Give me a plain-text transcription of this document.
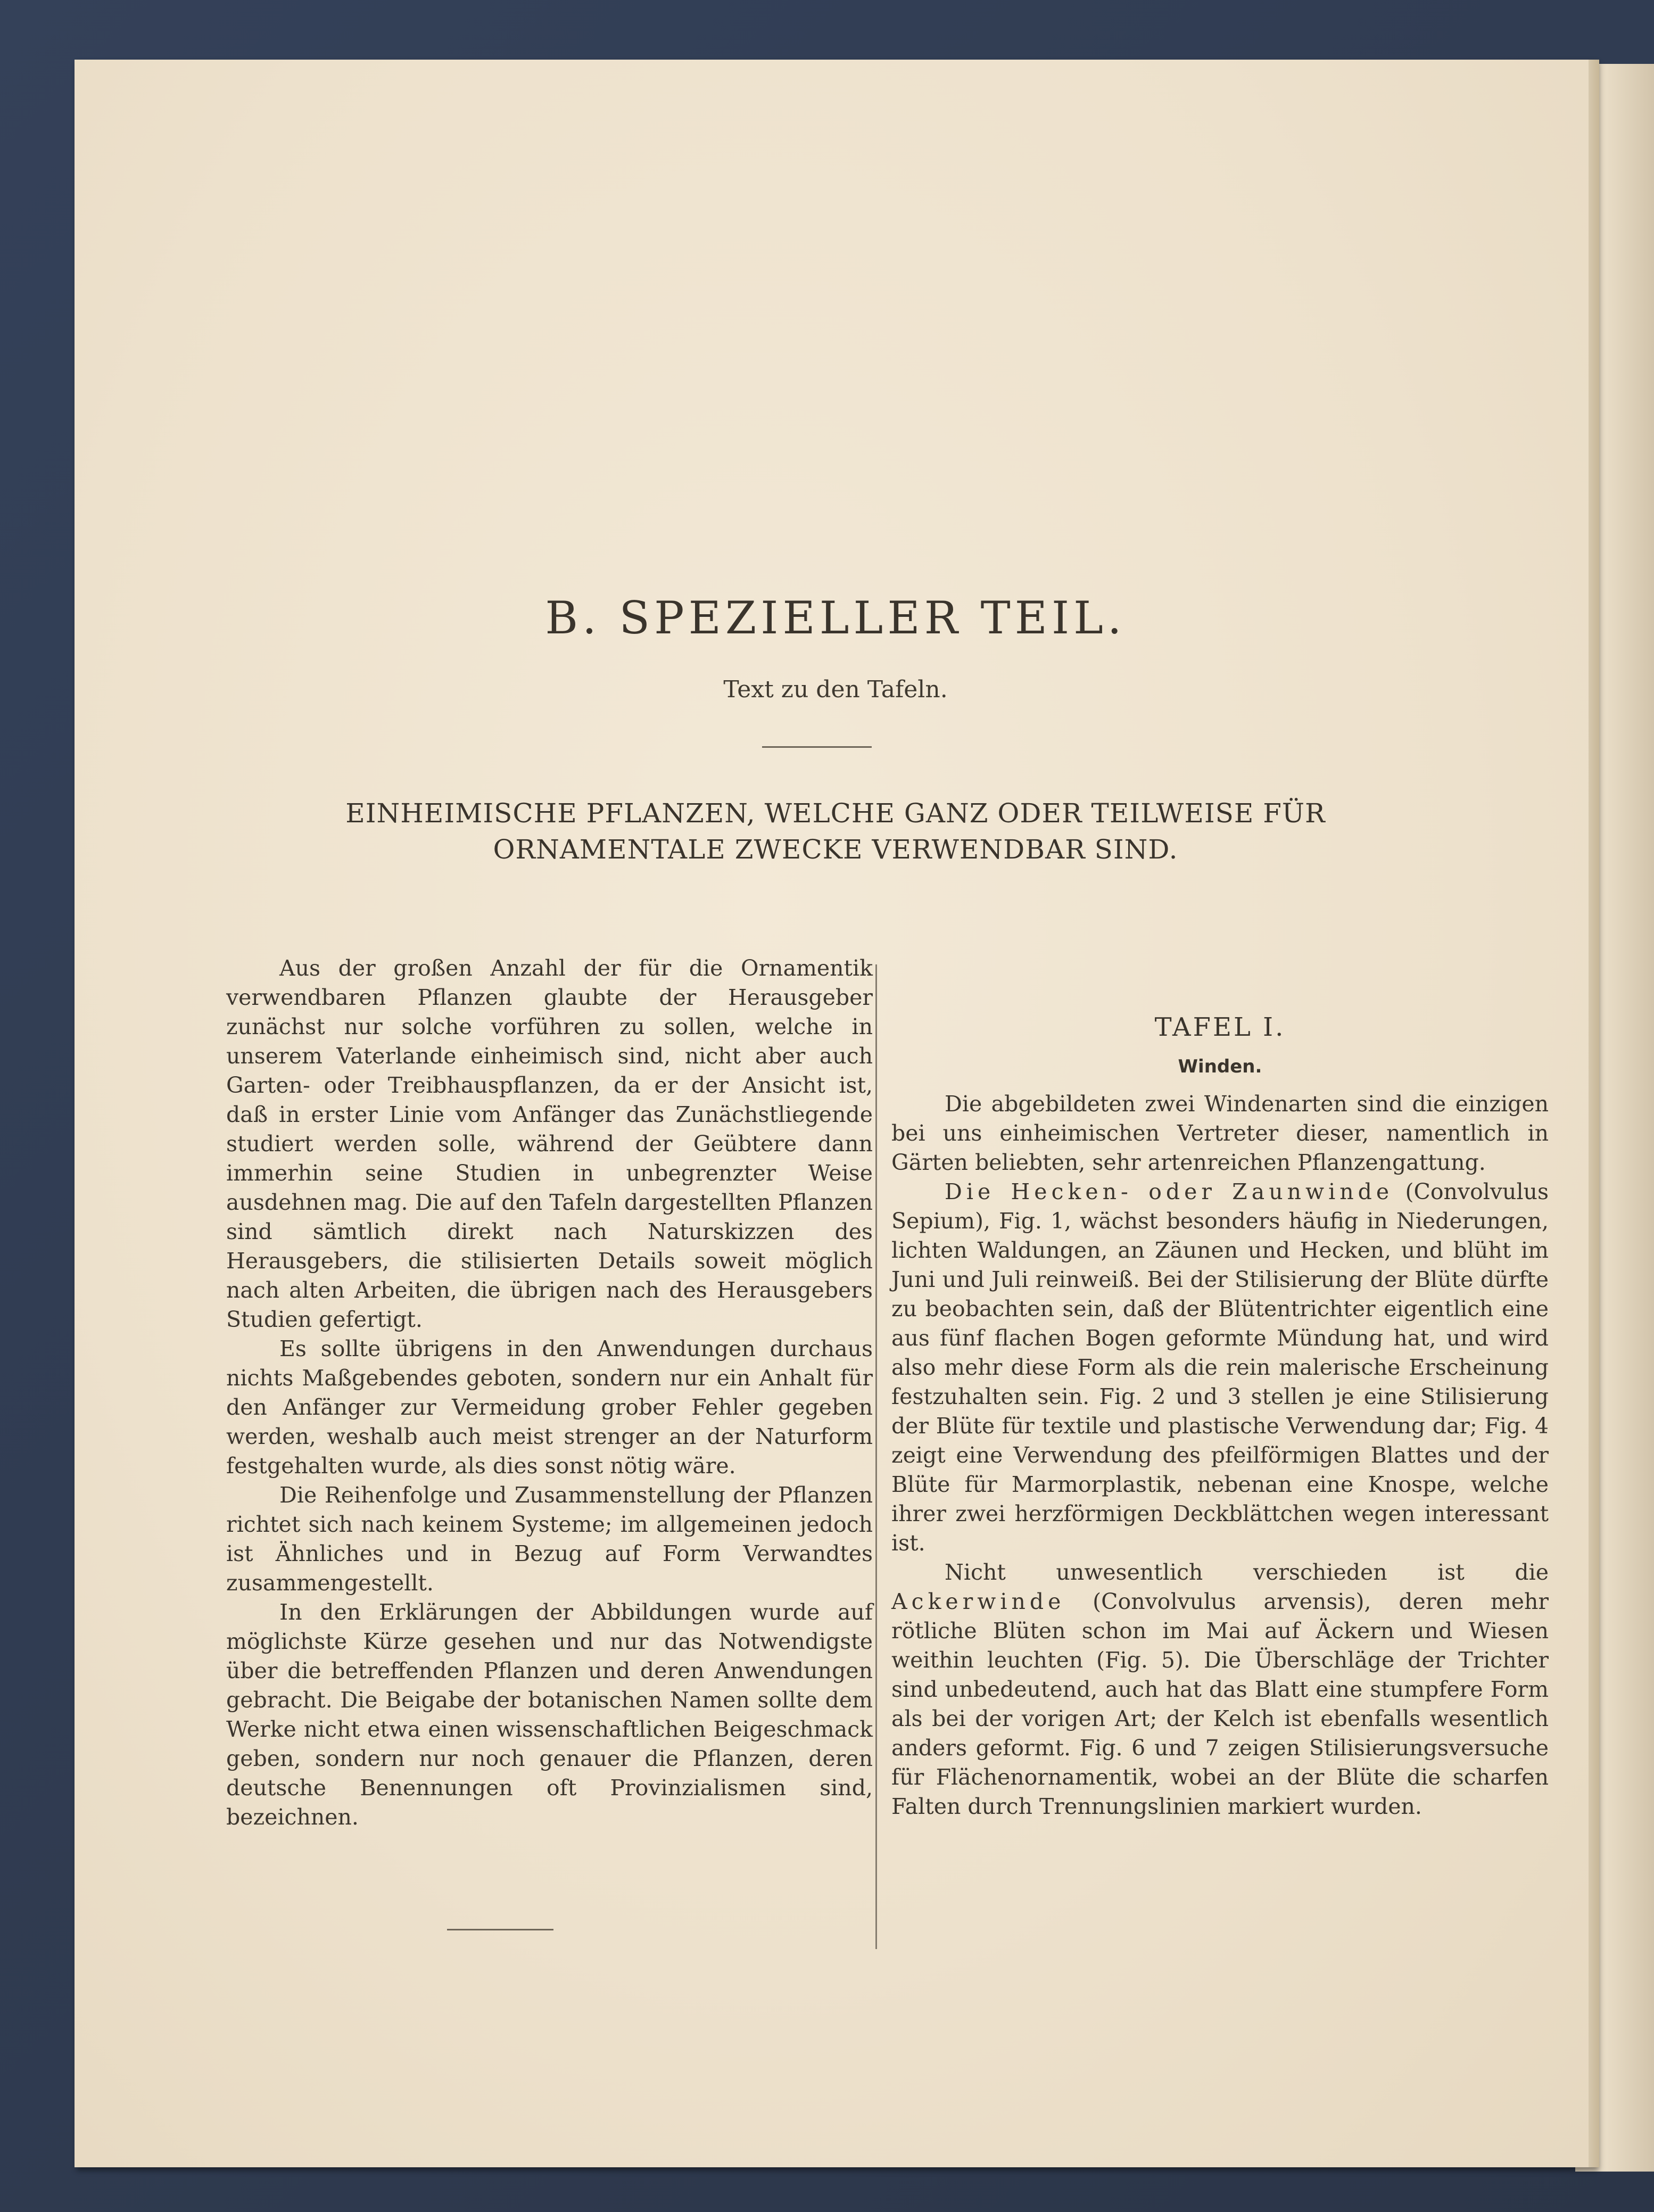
B. SPEZIELLER TEIL.
Text zu den Tafeln.
EINHEIMISCHE PFLANZEN, WELCHE GANZ ODER TEILWEISE FÜR
ORNAMENTALE ZWECKE VERWENDBAR SIND.

Aus der großen Anzahl der für die Ornamentik verwendbaren Pflanzen glaubte der Herausgeber zunächst nur solche vorführen zu sollen, welche in unserem Vaterlande einheimisch sind, nicht aber auch Garten- oder Treibhauspflanzen, da er der Ansicht ist, daß in erster Linie vom Anfänger das Zunächstliegende studiert werden solle, während der Geübtere dann immerhin seine Studien in unbegrenzter Weise ausdehnen mag. Die auf den Tafeln dargestellten Pflanzen sind sämtlich direkt nach Naturskizzen des Herausgebers, die stilisierten Details soweit möglich nach alten Arbeiten, die übrigen nach des Herausgebers Studien gefertigt.

Es sollte übrigens in den Anwendungen durchaus nichts Maßgebendes geboten, sondern nur ein Anhalt für den Anfänger zur Vermeidung grober Fehler gegeben werden, weshalb auch meist strenger an der Naturform festgehalten wurde, als dies sonst nötig wäre.

Die Reihenfolge und Zusammenstellung der Pflanzen richtet sich nach keinem Systeme; im allgemeinen jedoch ist Ähnliches und in Bezug auf Form Verwandtes zusammengestellt.

In den Erklärungen der Abbildungen wurde auf möglichste Kürze gesehen und nur das Notwendigste über die betreffenden Pflanzen und deren Anwendungen gebracht. Die Beigabe der botanischen Namen sollte dem Werke nicht etwa einen wissenschaftlichen Beigeschmack geben, sondern nur noch genauer die Pflanzen, deren deutsche Benennungen oft Provinzialismen sind, bezeichnen.

TAFEL I.
Winden.

Die abgebildeten zwei Windenarten sind die einzigen bei uns einheimischen Vertreter dieser, namentlich in Gärten beliebten, sehr artenreichen Pflanzengattung.

Die Hecken- oder Zaunwinde (Convolvulus Sepium), Fig. 1, wächst besonders häufig in Niederungen, lichten Waldungen, an Zäunen und Hecken, und blüht im Juni und Juli reinweiß. Bei der Stilisierung der Blüte dürfte zu beobachten sein, daß der Blütentrichter eigentlich eine aus fünf flachen Bogen geformte Mündung hat, und wird also mehr diese Form als die rein malerische Erscheinung festzuhalten sein. Fig. 2 und 3 stellen je eine Stilisierung der Blüte für textile und plastische Verwendung dar; Fig. 4 zeigt eine Verwendung des pfeilförmigen Blattes und der Blüte für Marmorplastik, nebenan eine Knospe, welche ihrer zwei herzförmigen Deckblättchen wegen interessant ist.

Nicht unwesentlich verschieden ist die Ackerwinde (Convolvulus arvensis), deren mehr rötliche Blüten schon im Mai auf Äckern und Wiesen weithin leuchten (Fig. 5). Die Überschläge der Trichter sind unbedeutend, auch hat das Blatt eine stumpfere Form als bei der vorigen Art; der Kelch ist ebenfalls wesentlich anders geformt. Fig. 6 und 7 zeigen Stilisierungsversuche für Flächenornamentik, wobei an der Blüte die scharfen Falten durch Trennungslinien markiert wurden.
